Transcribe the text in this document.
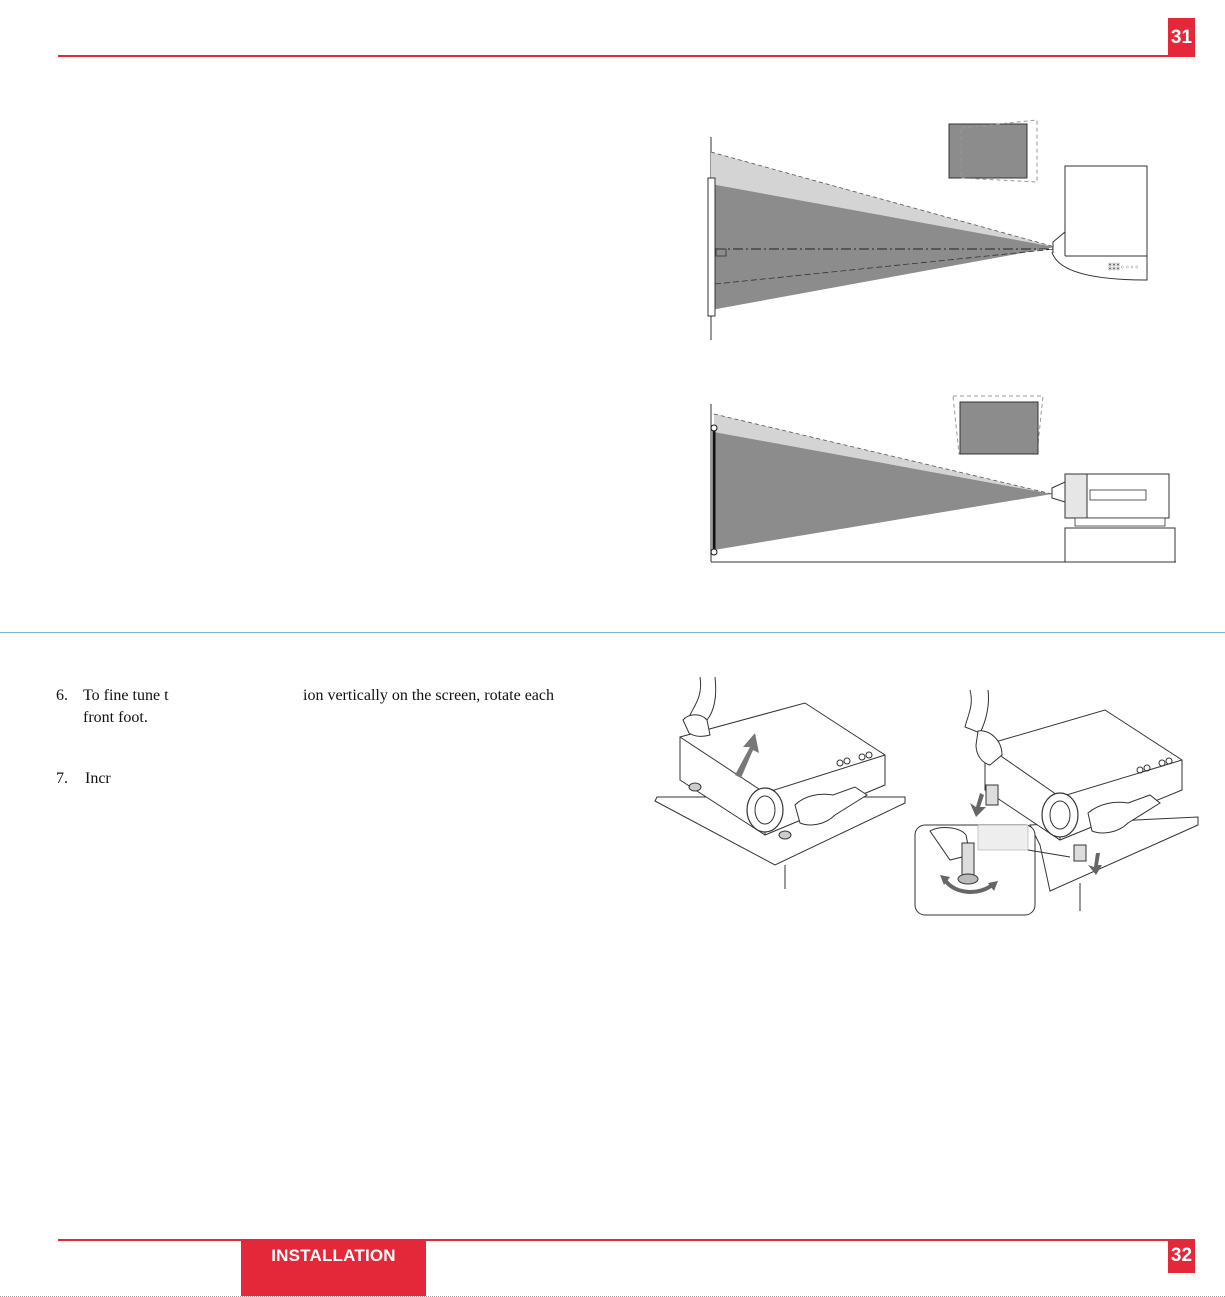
31
⁑⁑⁑◦◦◦◦
6. To fine tune t	ion vertically on the screen, rotate each
front foot.
7. Incr
INSTALLATION	32
